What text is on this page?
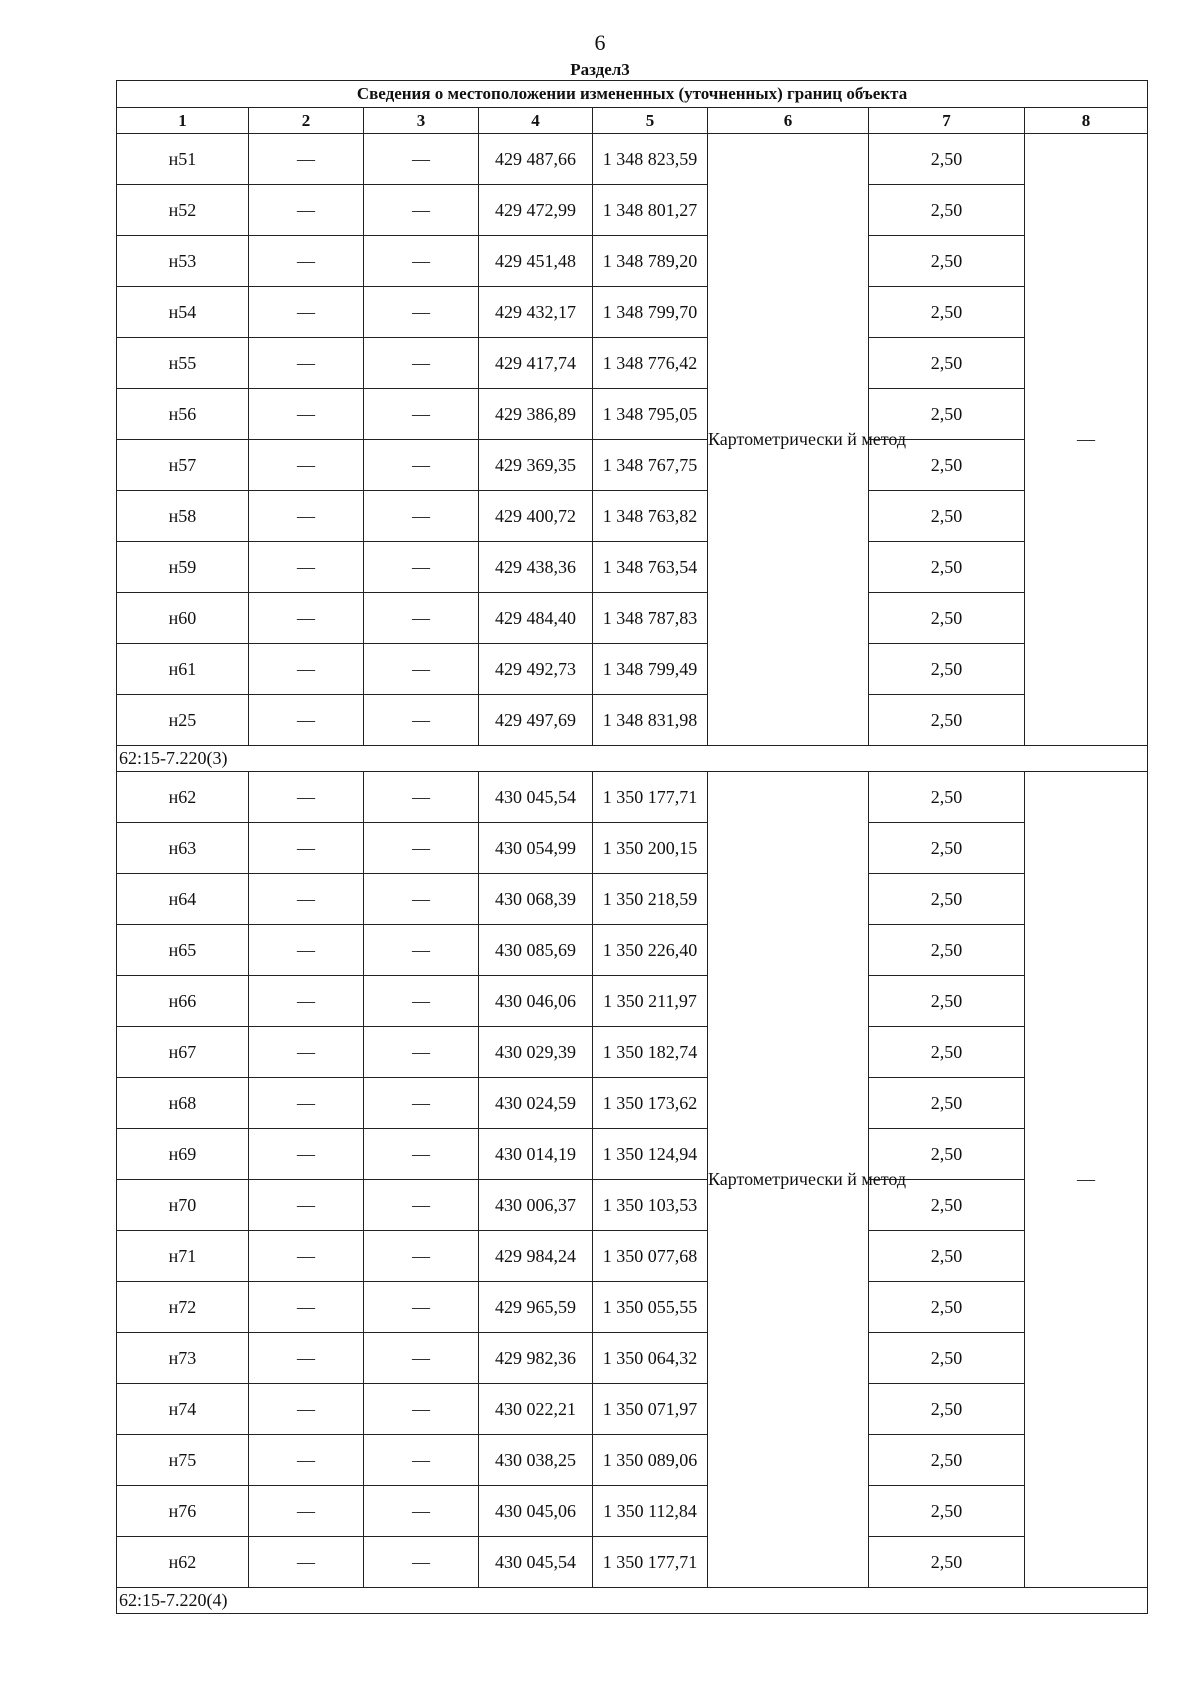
6
Раздел3
Сведения о местоположении измененных (уточненных) границ объекта							
1	2	3	4	5	6	7	8
н51	—	—	429 487,66	1 348 823,59	Картометрически й метод	2,50	—
н52	—	—	429 472,99	1 348 801,27		2,50	
н53	—	—	429 451,48	1 348 789,20		2,50	
н54	—	—	429 432,17	1 348 799,70		2,50	
н55	—	—	429 417,74	1 348 776,42		2,50	
н56	—	—	429 386,89	1 348 795,05		2,50	
н57	—	—	429 369,35	1 348 767,75		2,50	
н58	—	—	429 400,72	1 348 763,82		2,50	
н59	—	—	429 438,36	1 348 763,54		2,50	
н60	—	—	429 484,40	1 348 787,83		2,50	
н61	—	—	429 492,73	1 348 799,49		2,50	
н25	—	—	429 497,69	1 348 831,98		2,50	
62:15-7.220(3)							
н62	—	—	430 045,54	1 350 177,71	Картометрически й метод	2,50	—
н63	—	—	430 054,99	1 350 200,15		2,50	
н64	—	—	430 068,39	1 350 218,59		2,50	
н65	—	—	430 085,69	1 350 226,40		2,50	
н66	—	—	430 046,06	1 350 211,97		2,50	
н67	—	—	430 029,39	1 350 182,74		2,50	
н68	—	—	430 024,59	1 350 173,62		2,50	
н69	—	—	430 014,19	1 350 124,94		2,50	
н70	—	—	430 006,37	1 350 103,53		2,50	
н71	—	—	429 984,24	1 350 077,68		2,50	
н72	—	—	429 965,59	1 350 055,55		2,50	
н73	—	—	429 982,36	1 350 064,32		2,50	
н74	—	—	430 022,21	1 350 071,97		2,50	
н75	—	—	430 038,25	1 350 089,06		2,50	
н76	—	—	430 045,06	1 350 112,84		2,50	
н62	—	—	430 045,54	1 350 177,71		2,50	
62:15-7.220(4)							
